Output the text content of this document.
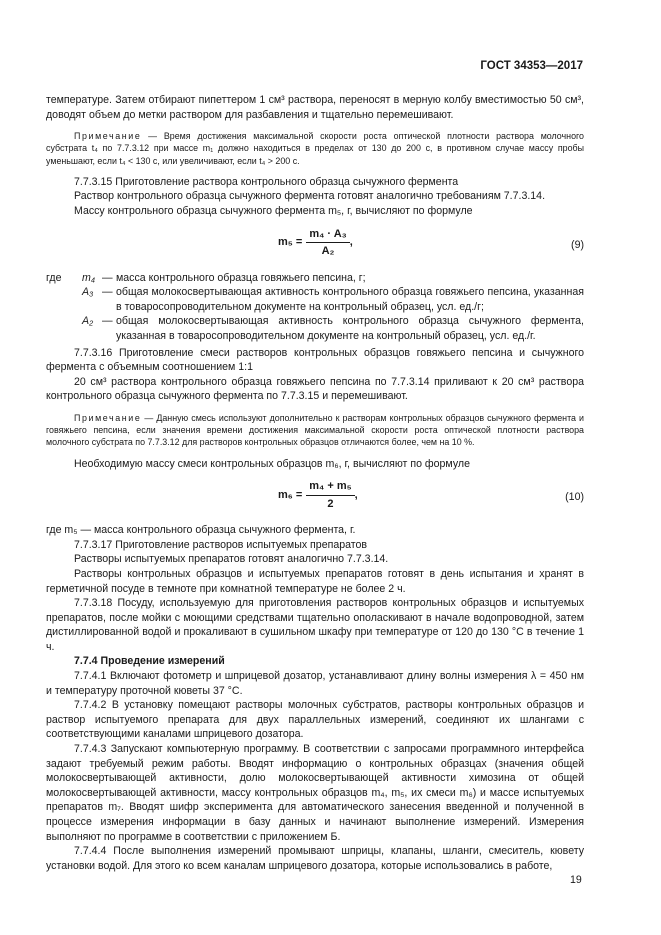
ГОСТ 34353—2017

температуре. Затем отбирают пипеттером 1 см³ раствора, переносят в мерную колбу вместимостью 50 см³, доводят объем до метки раствором для разбавления и тщательно перемешивают.

Примечание — Время достижения максимальной скорости роста оптической плотности раствора молочного субстрата t₄ по 7.7.3.12 при массе m₁ должно находиться в пределах от 130 до 200 с, в противном случае массу пробы уменьшают, если t₄ < 130 с, или увеличивают, если t₄ > 200 с.

7.7.3.15 Приготовление раствора контрольного образца сычужного фермента

Раствор контрольного образца сычужного фермента готовят аналогично требованиям 7.7.3.14.

Массу контрольного образца сычужного фермента m₅, г, вычисляют по формуле

$m_5 = \frac{\text{m₄ · A₃}}{\text{A₂}}$ ,	(9)
где	m₄ — масса контрольного образца говяжьего пепсина, г;
A₃ — общая молокосвертывающая активность контрольного образца говяжьего пепсина, указанная в товаросопроводительном документе на контрольный образец, усл. ед./г;
A₂ — общая молокосвертывающая активность контрольного образца сычужного фермента, указанная в товаросопроводительном документе на контрольный образец, усл. ед./г.

7.7.3.16 Приготовление смеси растворов контрольных образцов говяжьего пепсина и сычужного фермента с объемным соотношением 1:1

20 см³ раствора контрольного образца говяжьего пепсина по 7.7.3.14 приливают к 20 см³ раствора контрольного образца сычужного фермента по 7.7.3.15 и перемешивают.

Примечание — Данную смесь используют дополнительно к растворам контрольных образцов сычужного фермента и говяжьего пепсина, если значения времени достижения максимальной скорости роста оптической плотности раствора молочного субстрата по 7.7.3.12 для растворов контрольных образцов отличаются более, чем на 10 %.

Необходимую массу смеси контрольных образцов m₆, г, вычисляют по формуле

$m_6 = \frac{\text{m₄ + m₅}}{2}$ ,	(10)

где m₅ — масса контрольного образца сычужного фермента, г.

7.7.3.17 Приготовление растворов испытуемых препаратов

Растворы испытуемых препаратов готовят аналогично 7.7.3.14.

Растворы контрольных образцов и испытуемых препаратов готовят в день испытания и хранят в герметичной посуде в темноте при комнатной температуре не более 2 ч.

7.7.3.18 Посуду, используемую для приготовления растворов контрольных образцов и испытуемых препаратов, после мойки с моющими средствами тщательно ополаскивают в начале водопроводной, затем дистиллированной водой и прокаливают в сушильном шкафу при температуре от 120 до 130 °С в течение 1 ч.

7.7.4 Проведение измерений

7.7.4.1 Включают фотометр и шприцевой дозатор, устанавливают длину волны измерения λ = 450 нм и температуру проточной кюветы 37 °С.

7.7.4.2 В установку помещают растворы молочных субстратов, растворы контрольных образцов и раствор испытуемого препарата для двух параллельных измерений, соединяют их шлангами с соответствующими каналами шприцевого дозатора.

7.7.4.3 Запускают компьютерную программу. В соответствии с запросами программного интерфейса задают требуемый режим работы. Вводят информацию о контрольных образцах (значения общей молокосвертывающей активности, долю молокосвертывающей активности химозина от общей молокосвертывающей активности, массу контрольных образцов m₄, m₅, их смеси m₆) и массе испытуемых препаратов m₇. Вводят шифр эксперимента для автоматического занесения введенной и полученной в процессе измерения информации в базу данных и начинают выполнение измерений. Измерения выполняют по программе в соответствии с приложением Б.

7.7.4.4 После выполнения измерений промывают шприцы, клапаны, шланги, смеситель, кювету установки водой. Для этого ко всем каналам шприцевого дозатора, которые использовались в работе,

19
